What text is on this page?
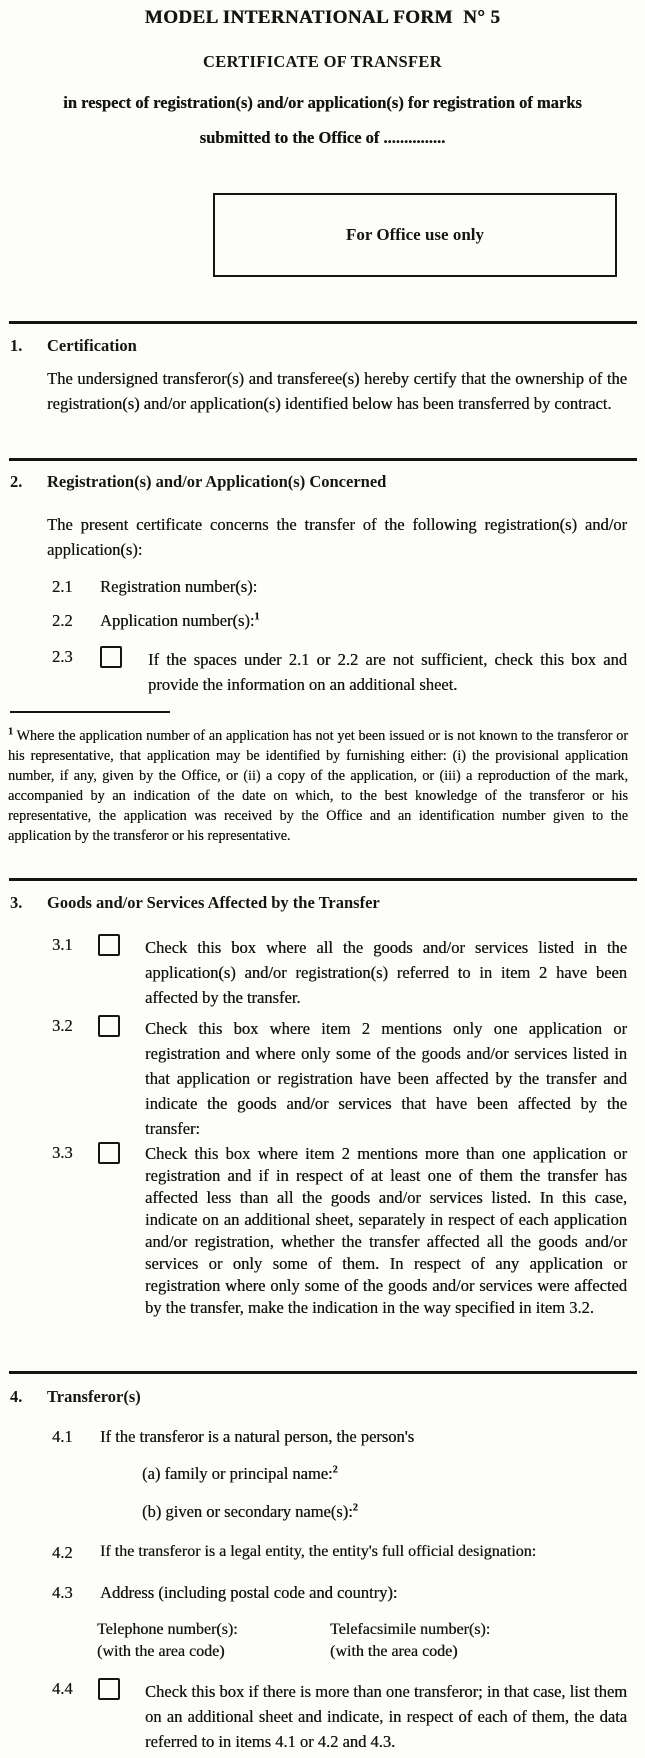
MODEL INTERNATIONAL FORM N° 5
CERTIFICATE OF TRANSFER
in respect of registration(s) and/or application(s) for registration of marks
submitted to the Office of ...............
For Office use only
1. Certification
The undersigned transferor(s) and transferee(s) hereby certify that the ownership of the registration(s) and/or application(s) identified below has been transferred by contract.
2. Registration(s) and/or Application(s) Concerned
The present certificate concerns the transfer of the following registration(s) and/or application(s):
2.1 Registration number(s):
2.2 Application number(s):$^1$
2.3	If the spaces under 2.1 or 2.2 are not sufficient, check this box and provide the information on an additional sheet.
$^1$ Where the application number of an application has not yet been issued or is not known to the transferor or his representative, that application may be identified by furnishing either: (i) the provisional application number, if any, given by the Office, or (ii) a copy of the application, or (iii) a reproduction of the mark, accompanied by an indication of the date on which, to the best knowledge of the transferor or his representative, the application was received by the Office and an identification number given to the application by the transferor or his representative.
3. Goods and/or Services Affected by the Transfer
3.1	Check this box where all the goods and/or services listed in the application(s) and/or registration(s) referred to in item 2 have been affected by the transfer.
3.2	Check this box where item 2 mentions only one application or registration and where only some of the goods and/or services listed in that application or registration have been affected by the transfer and indicate the goods and/or services that have been affected by the transfer:
3.3	Check this box where item 2 mentions more than one application or registration and if in respect of at least one of them the transfer has affected less than all the goods and/or services listed. In this case, indicate on an additional sheet, separately in respect of each application and/or registration, whether the transfer affected all the goods and/or services or only some of them. In respect of any application or registration where only some of the goods and/or services were affected by the transfer, make the indication in the way specified in item 3.2.
4. Transferor(s)
4.1 If the transferor is a natural person, the person's
(a) family or principal name:$^2$
(b) given or secondary name(s):$^2$
4.2 If the transferor is a legal entity, the entity's full official designation:
4.3 Address (including postal code and country):
Telephone number(s):
(with the area code)
Telefacsimile number(s):
(with the area code)
4.4	Check this box if there is more than one transferor; in that case, list them on an additional sheet and indicate, in respect of each of them, the data referred to in items 4.1 or 4.2 and 4.3.
